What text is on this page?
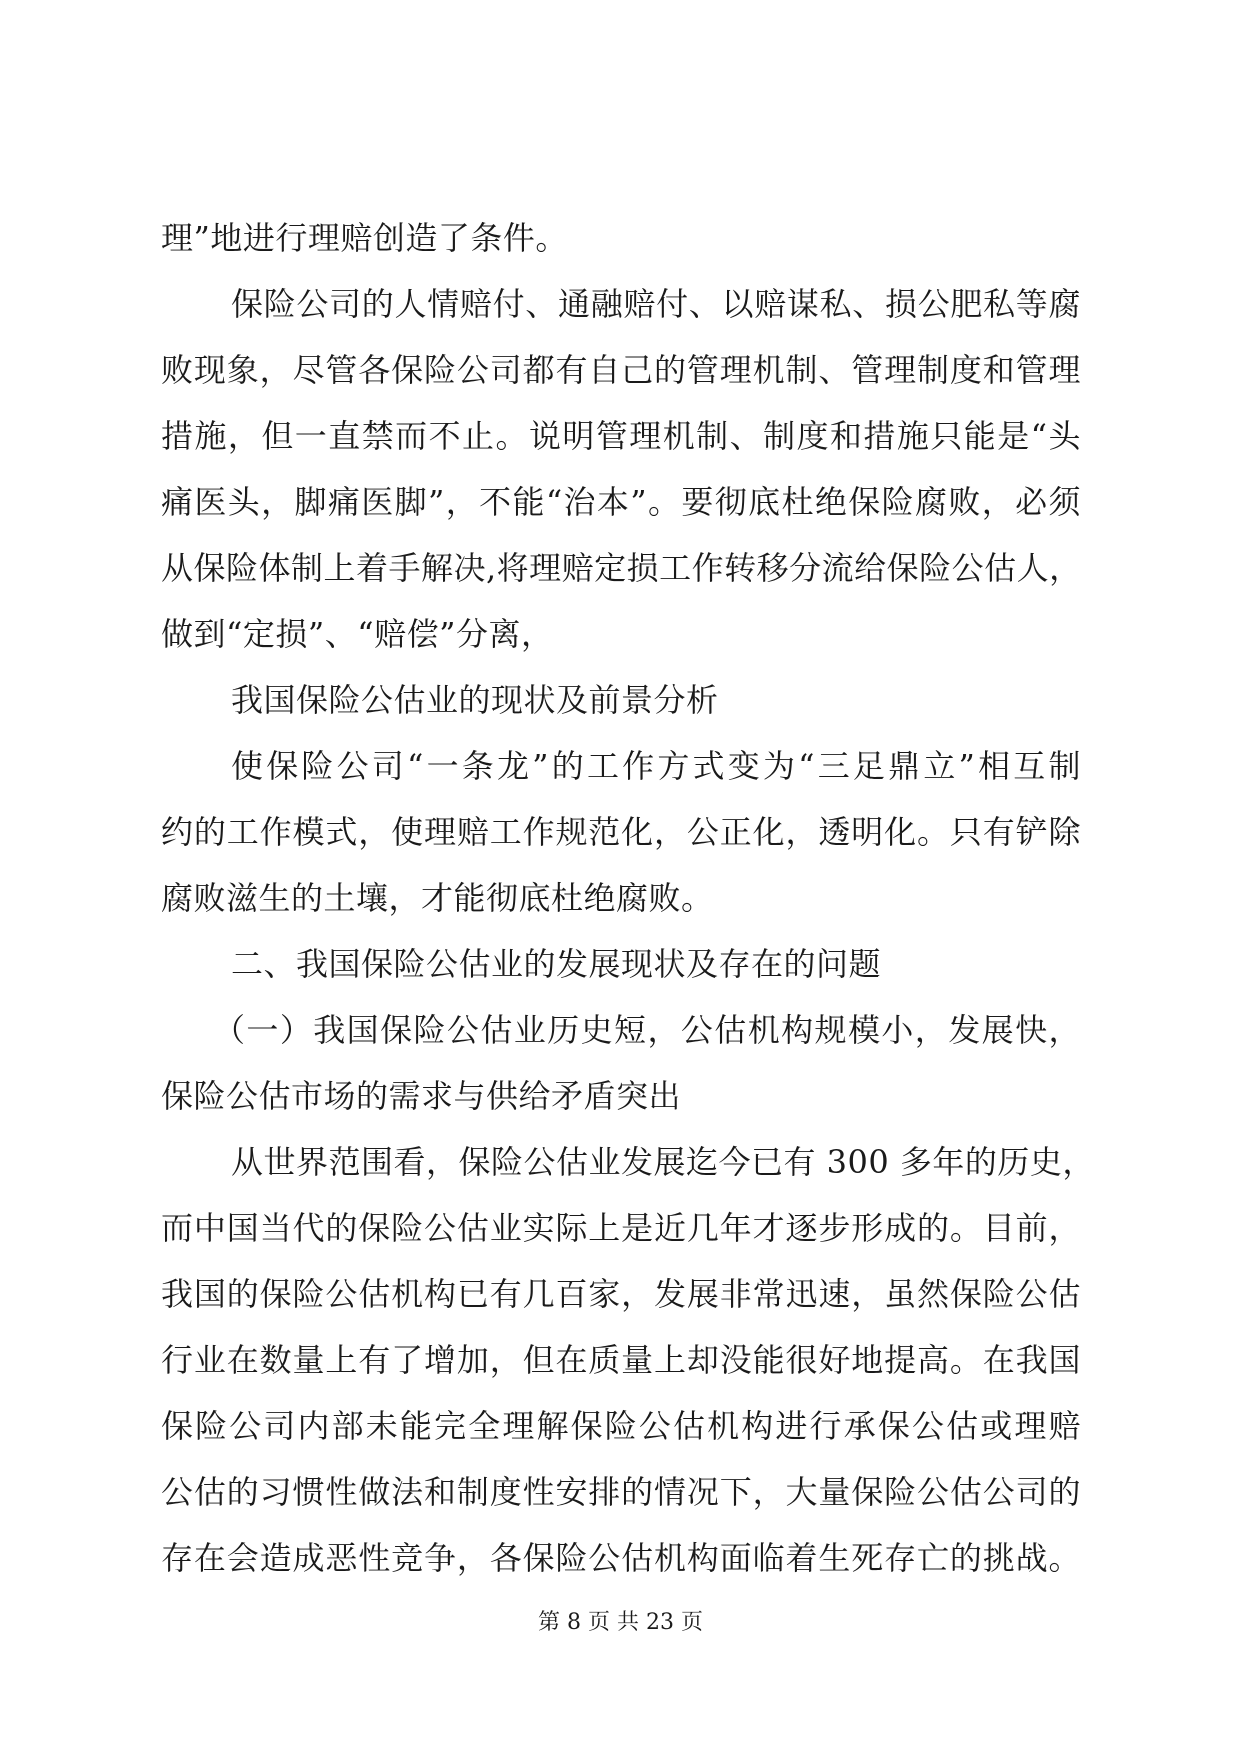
理”地进行理赔创造了条件。
保险公司的人情赔付、通融赔付、以赔谋私、损公肥私等腐
败现象，尽管各保险公司都有自己的管理机制、管理制度和管理
措施，但一直禁而不止。说明管理机制、制度和措施只能是“头
痛医头，脚痛医脚”，不能“治本”。要彻底杜绝保险腐败，必须
从保险体制上着手解决,将理赔定损工作转移分流给保险公估人，
做到“定损”、“赔偿”分离，
我国保险公估业的现状及前景分析
使保险公司“一条龙”的工作方式变为“三足鼎立”相互制
约的工作模式，使理赔工作规范化，公正化，透明化。只有铲除
腐败滋生的土壤，才能彻底杜绝腐败。
二、我国保险公估业的发展现状及存在的问题
（一）我国保险公估业历史短，公估机构规模小，发展快，
保险公估市场的需求与供给矛盾突出
从世界范围看，保险公估业发展迄今已有 300 多年的历史，
而中国当代的保险公估业实际上是近几年才逐步形成的。目前，
我国的保险公估机构已有几百家，发展非常迅速，虽然保险公估
行业在数量上有了增加，但在质量上却没能很好地提高。在我国
保险公司内部未能完全理解保险公估机构进行承保公估或理赔
公估的习惯性做法和制度性安排的情况下，大量保险公估公司的
存在会造成恶性竞争，各保险公估机构面临着生死存亡的挑战。
第 8 页 共 23 页
